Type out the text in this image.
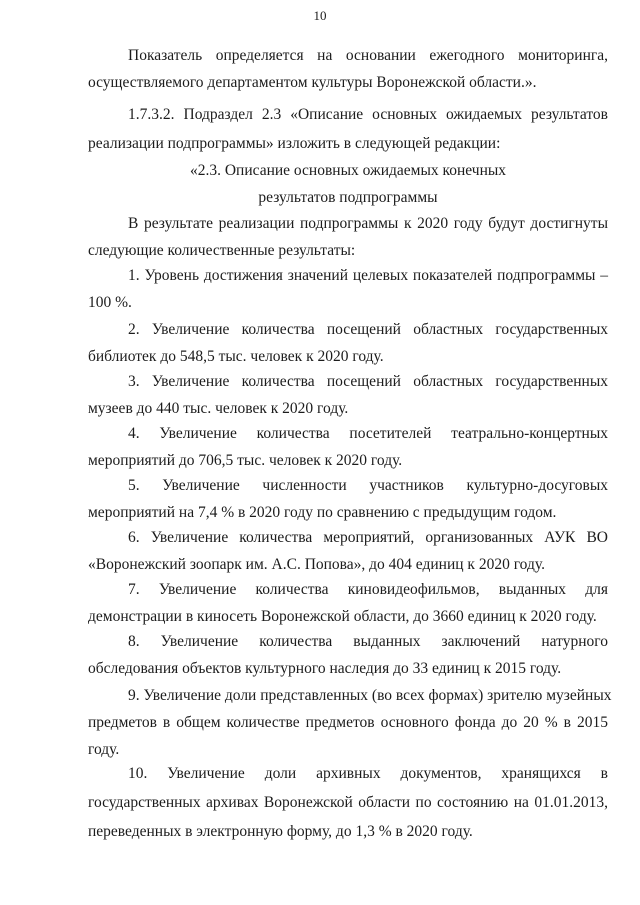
10
Показатель определяется на основании ежегодного мониторинга,
осуществляемого департаментом культуры Воронежской области.».
1.7.3.2. Подраздел 2.3 «Описание основных ожидаемых результатов
реализации подпрограммы» изложить в следующей редакции:
«2.3. Описание основных ожидаемых конечных
результатов подпрограммы
В результате реализации подпрограммы к 2020 году будут достигнуты
следующие количественные результаты:
1. Уровень достижения значений целевых показателей подпрограммы –
100 %.
2. Увеличение количества посещений областных государственных
библиотек до 548,5 тыс. человек к 2020 году.
3. Увеличение количества посещений областных государственных
музеев до 440 тыс. человек к 2020 году.
4. Увеличение количества посетителей театрально-концертных
мероприятий до 706,5 тыс. человек к 2020 году.
5. Увеличение численности участников культурно-досуговых
мероприятий на 7,4 % в 2020 году по сравнению с предыдущим годом.
6. Увеличение количества мероприятий, организованных АУК ВО
«Воронежский зоопарк им. А.С. Попова», до 404 единиц к 2020 году.
7. Увеличение количества киновидеофильмов, выданных для
демонстрации в киносеть Воронежской области, до 3660 единиц к 2020 году.
8. Увеличение количества выданных заключений натурного
обследования объектов культурного наследия до 33 единиц к 2015 году.
9. Увеличение доли представленных (во всех формах) зрителю музейных
предметов в общем количестве предметов основного фонда до 20 % в 2015
году.
10. Увеличение доли архивных документов, хранящихся в
государственных архивах Воронежской области по состоянию на 01.01.2013,
переведенных в электронную форму, до 1,3 % в 2020 году.
